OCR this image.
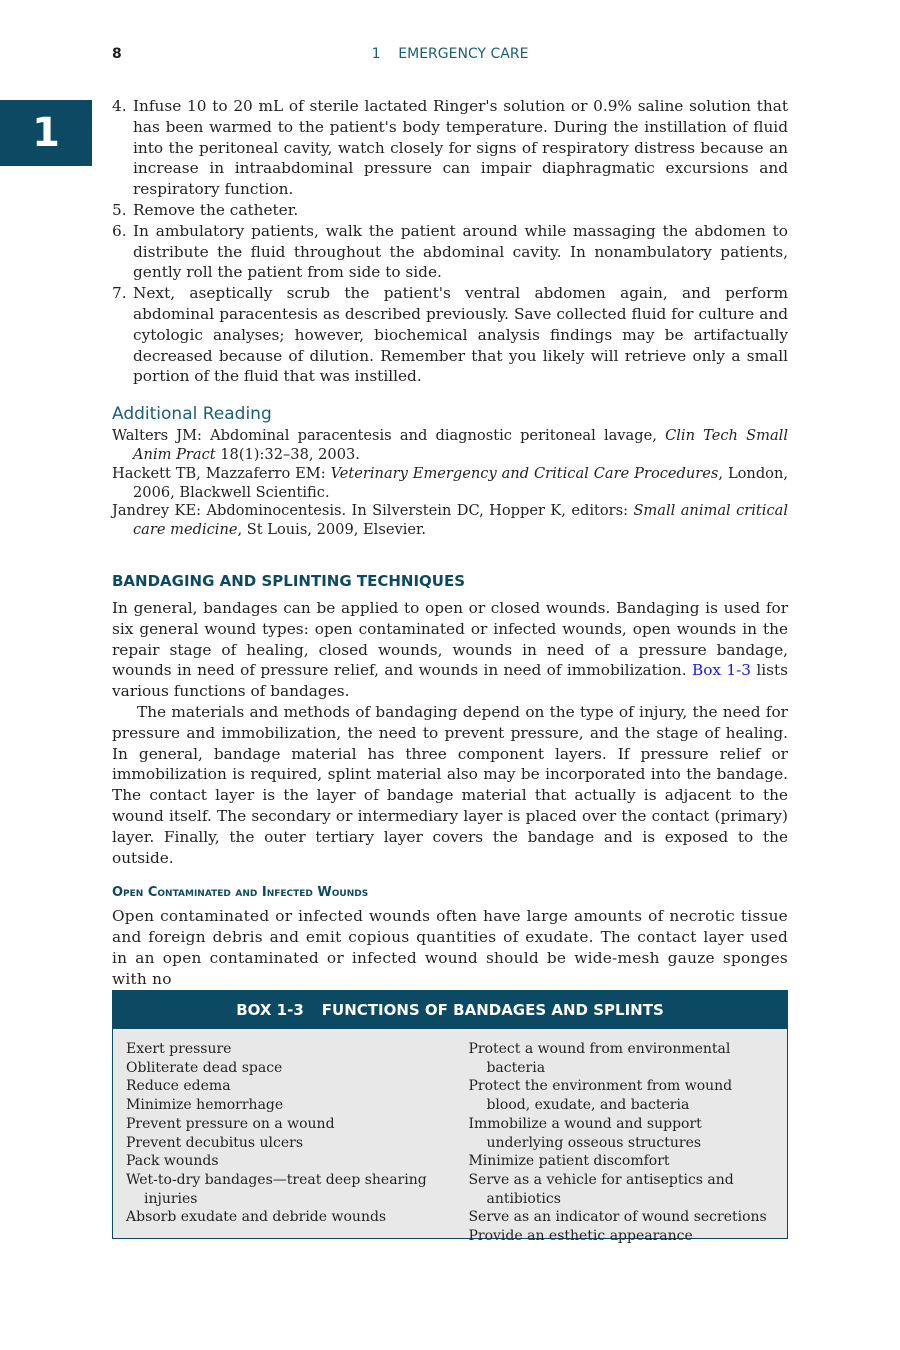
8	1    EMERGENCY CARE
1
4. Infuse 10 to 20 mL of sterile lactated Ringer's solution or 0.9% saline solution that has been warmed to the patient's body temperature. During the instillation of fluid into the peritoneal cavity, watch closely for signs of respiratory distress because an increase in intraabdominal pressure can impair diaphragmatic excursions and respiratory function.
5. Remove the catheter.
6. In ambulatory patients, walk the patient around while massaging the abdomen to distribute the fluid throughout the abdominal cavity. In nonambulatory patients, gently roll the patient from side to side.
7. Next, aseptically scrub the patient's ventral abdomen again, and perform abdominal paracentesis as described previously. Save collected fluid for culture and cytologic analyses; however, biochemical analysis findings may be artifactually decreased because of dilution. Remember that you likely will retrieve only a small portion of the fluid that was instilled.
Additional Reading

Walters JM: Abdominal paracentesis and diagnostic peritoneal lavage, Clin Tech Small Anim Pract 18(1):32–38, 2003.

Hackett TB, Mazzaferro EM: Veterinary Emergency and Critical Care Procedures, London, 2006, Blackwell Scientific.

Jandrey KE: Abdominocentesis. In Silverstein DC, Hopper K, editors: Small animal critical care medicine, St Louis, 2009, Elsevier.

BANDAGING AND SPLINTING TECHNIQUES

In general, bandages can be applied to open or closed wounds. Bandaging is used for six general wound types: open contaminated or infected wounds, open wounds in the repair stage of healing, closed wounds, wounds in need of a pressure bandage, wounds in need of pressure relief, and wounds in need of immobilization. Box 1-3 lists various functions of bandages.

The materials and methods of bandaging depend on the type of injury, the need for pressure and immobilization, the need to prevent pressure, and the stage of healing. In general, bandage material has three component layers. If pressure relief or immobilization is required, splint material also may be incorporated into the bandage. The contact layer is the layer of bandage material that actually is adjacent to the wound itself. The secondary or intermediary layer is placed over the contact (primary) layer. Finally, the outer tertiary layer covers the bandage and is exposed to the outside.

Open Contaminated and Infected Wounds

Open contaminated or infected wounds often have large amounts of necrotic tissue and foreign debris and emit copious quantities of exudate. The contact layer used in an open contaminated or infected wound should be wide-mesh gauze sponges with no

BOX 1-3 FUNCTIONS OF BANDAGES AND SPLINTS
Exert pressure
Obliterate dead space
Reduce edema
Minimize hemorrhage
Prevent pressure on a wound
Prevent decubitus ulcers
Pack wounds
Wet-to-dry bandages—treat deep shearing injuries
Absorb exudate and debride wounds
Protect a wound from environmental bacteria
Protect the environment from wound blood, exudate, and bacteria
Immobilize a wound and support underlying osseous structures
Minimize patient discomfort
Serve as a vehicle for antiseptics and antibiotics
Serve as an indicator of wound secretions
Provide an esthetic appearance
